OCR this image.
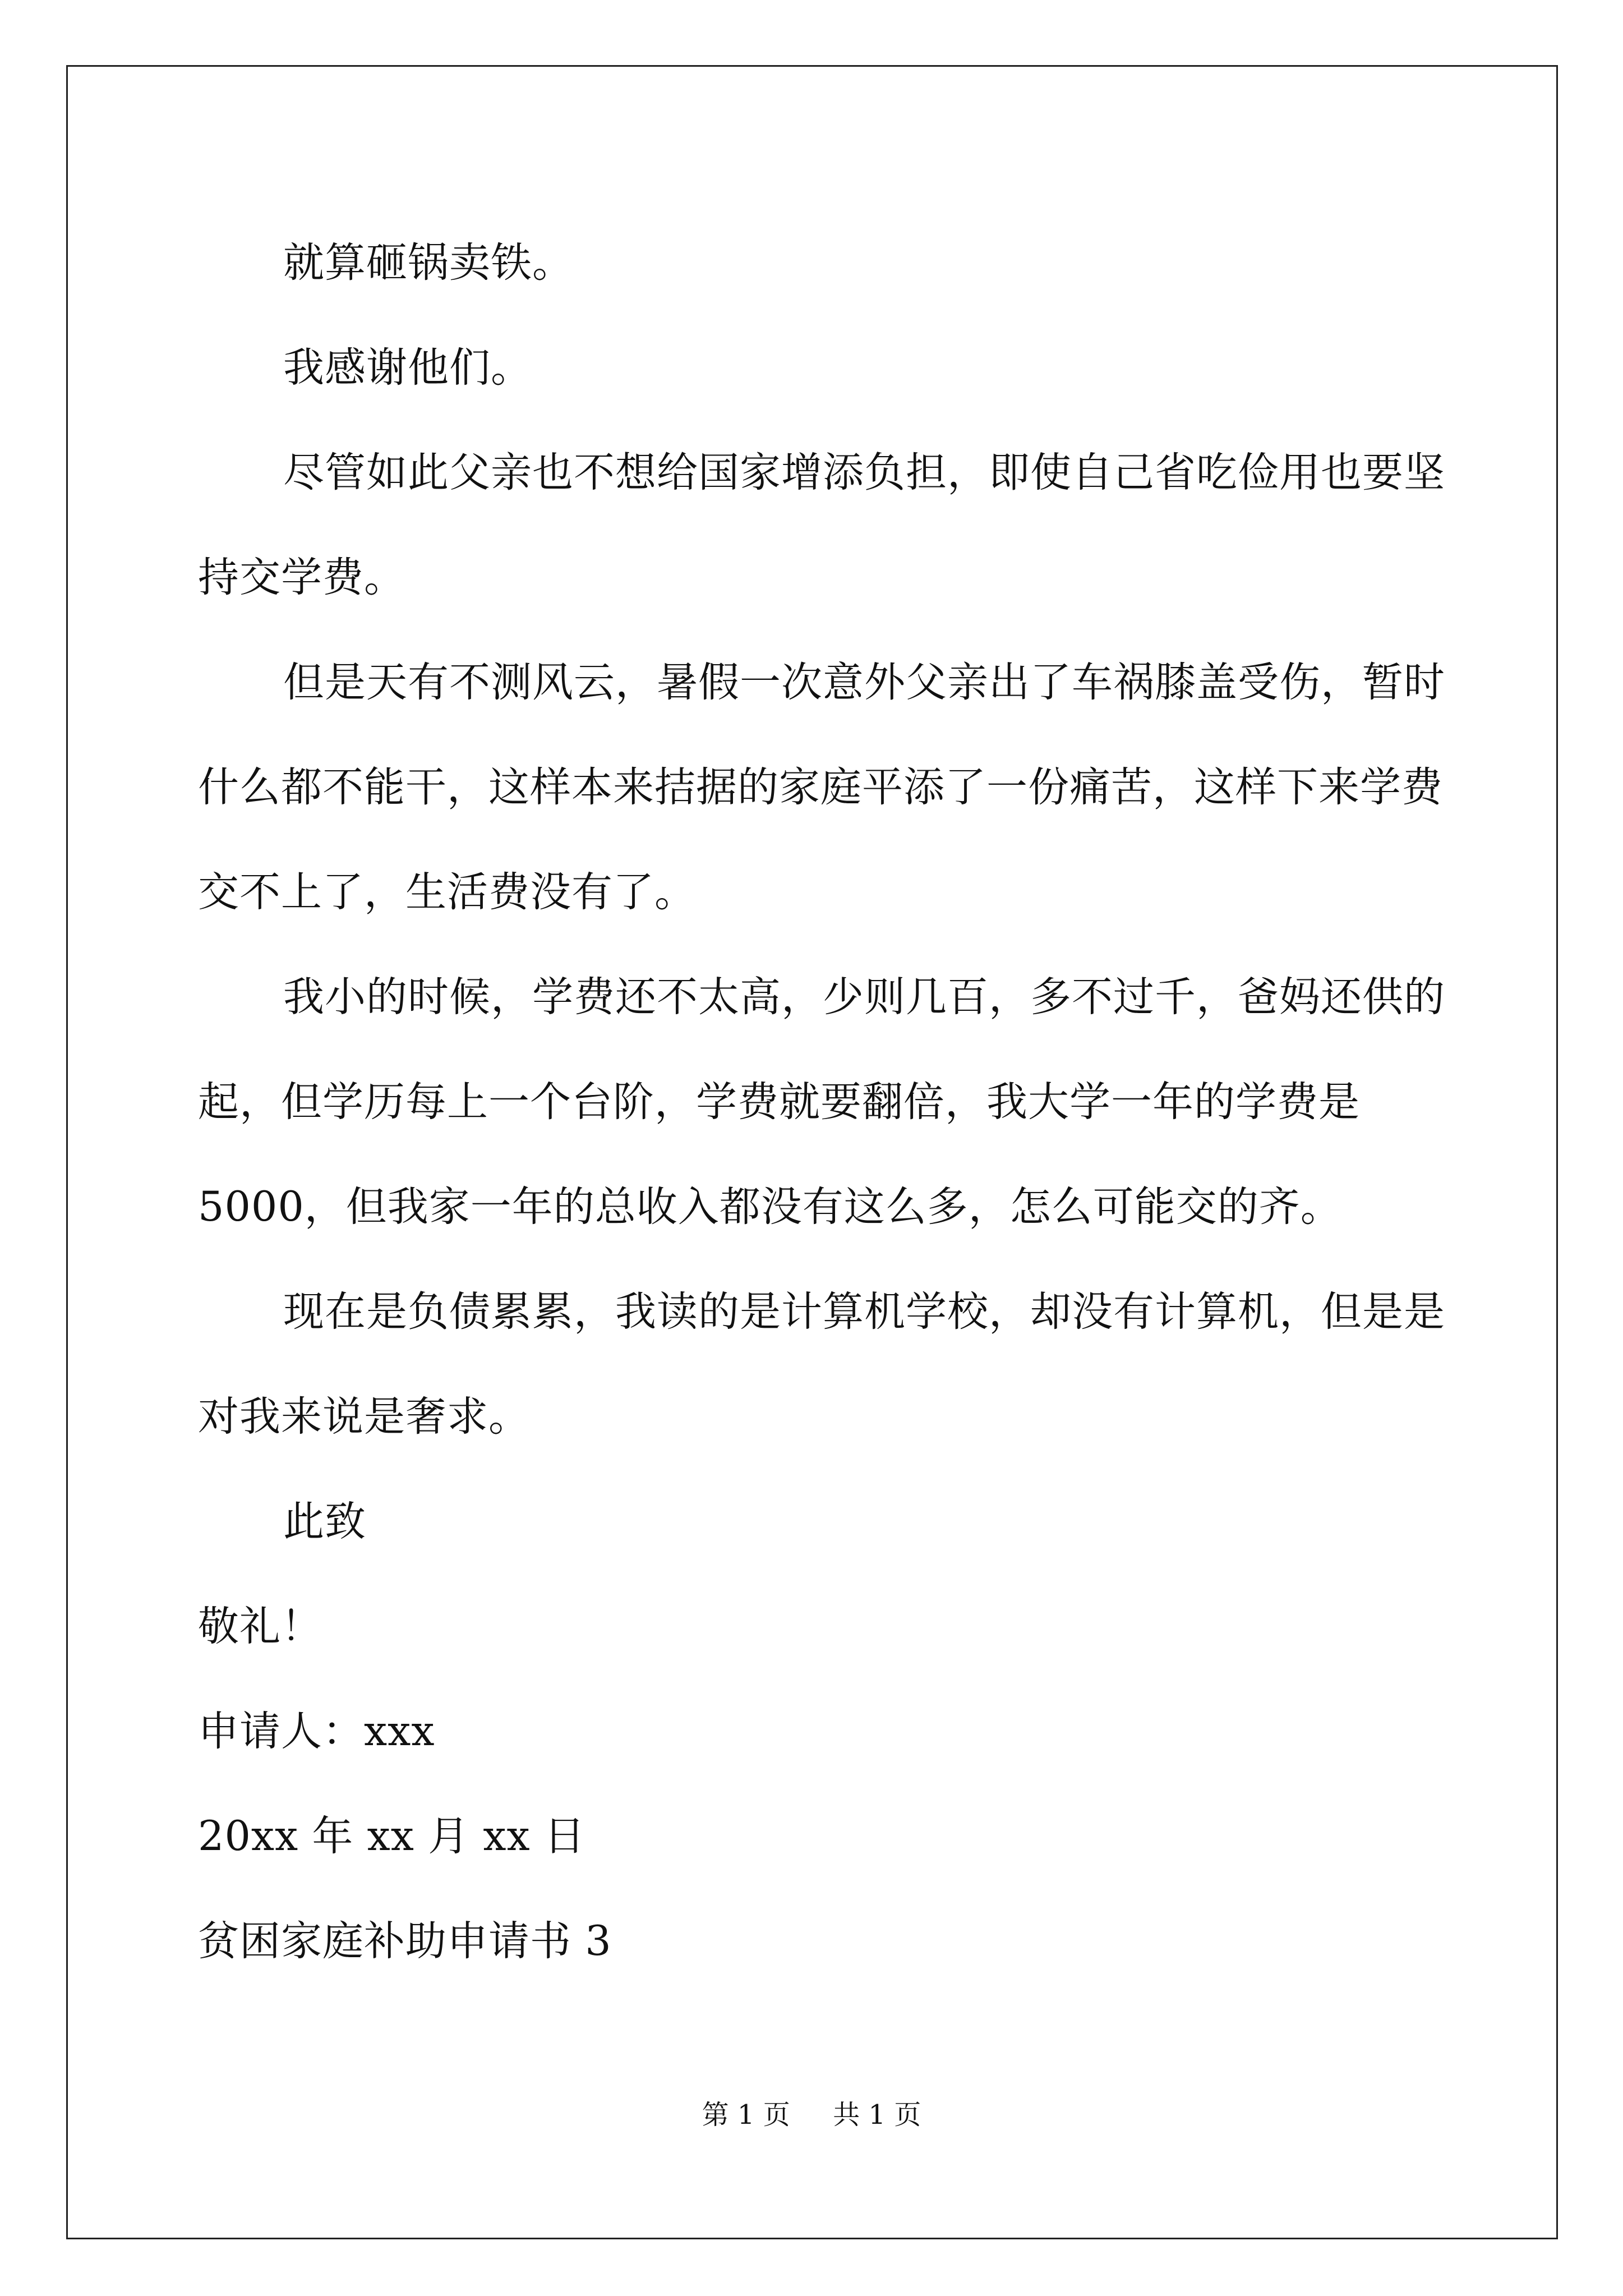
就算砸锅卖铁。

我感谢他们。

尽管如此父亲也不想给国家增添负担，即使自己省吃俭用也要坚

持交学费。

但是天有不测风云，暑假一次意外父亲出了车祸膝盖受伤，暂时

什么都不能干，这样本来拮据的家庭平添了一份痛苦，这样下来学费
交不上了，生活费没有了。

我小的时候，学费还不太高，少则几百，多不过千，爸妈还供的

起，但学历每上一个台阶，学费就要翻倍，我大学一年的学费是
5000，但我家一年的总收入都没有这么多，怎么可能交的齐。

现在是负债累累，我读的是计算机学校，却没有计算机，但是是

对我来说是奢求。

此致

敬礼！

申请人：xxx

20xx 年 xx 月 xx 日

贫困家庭补助申请书 3

第 1 页 共 1 页
